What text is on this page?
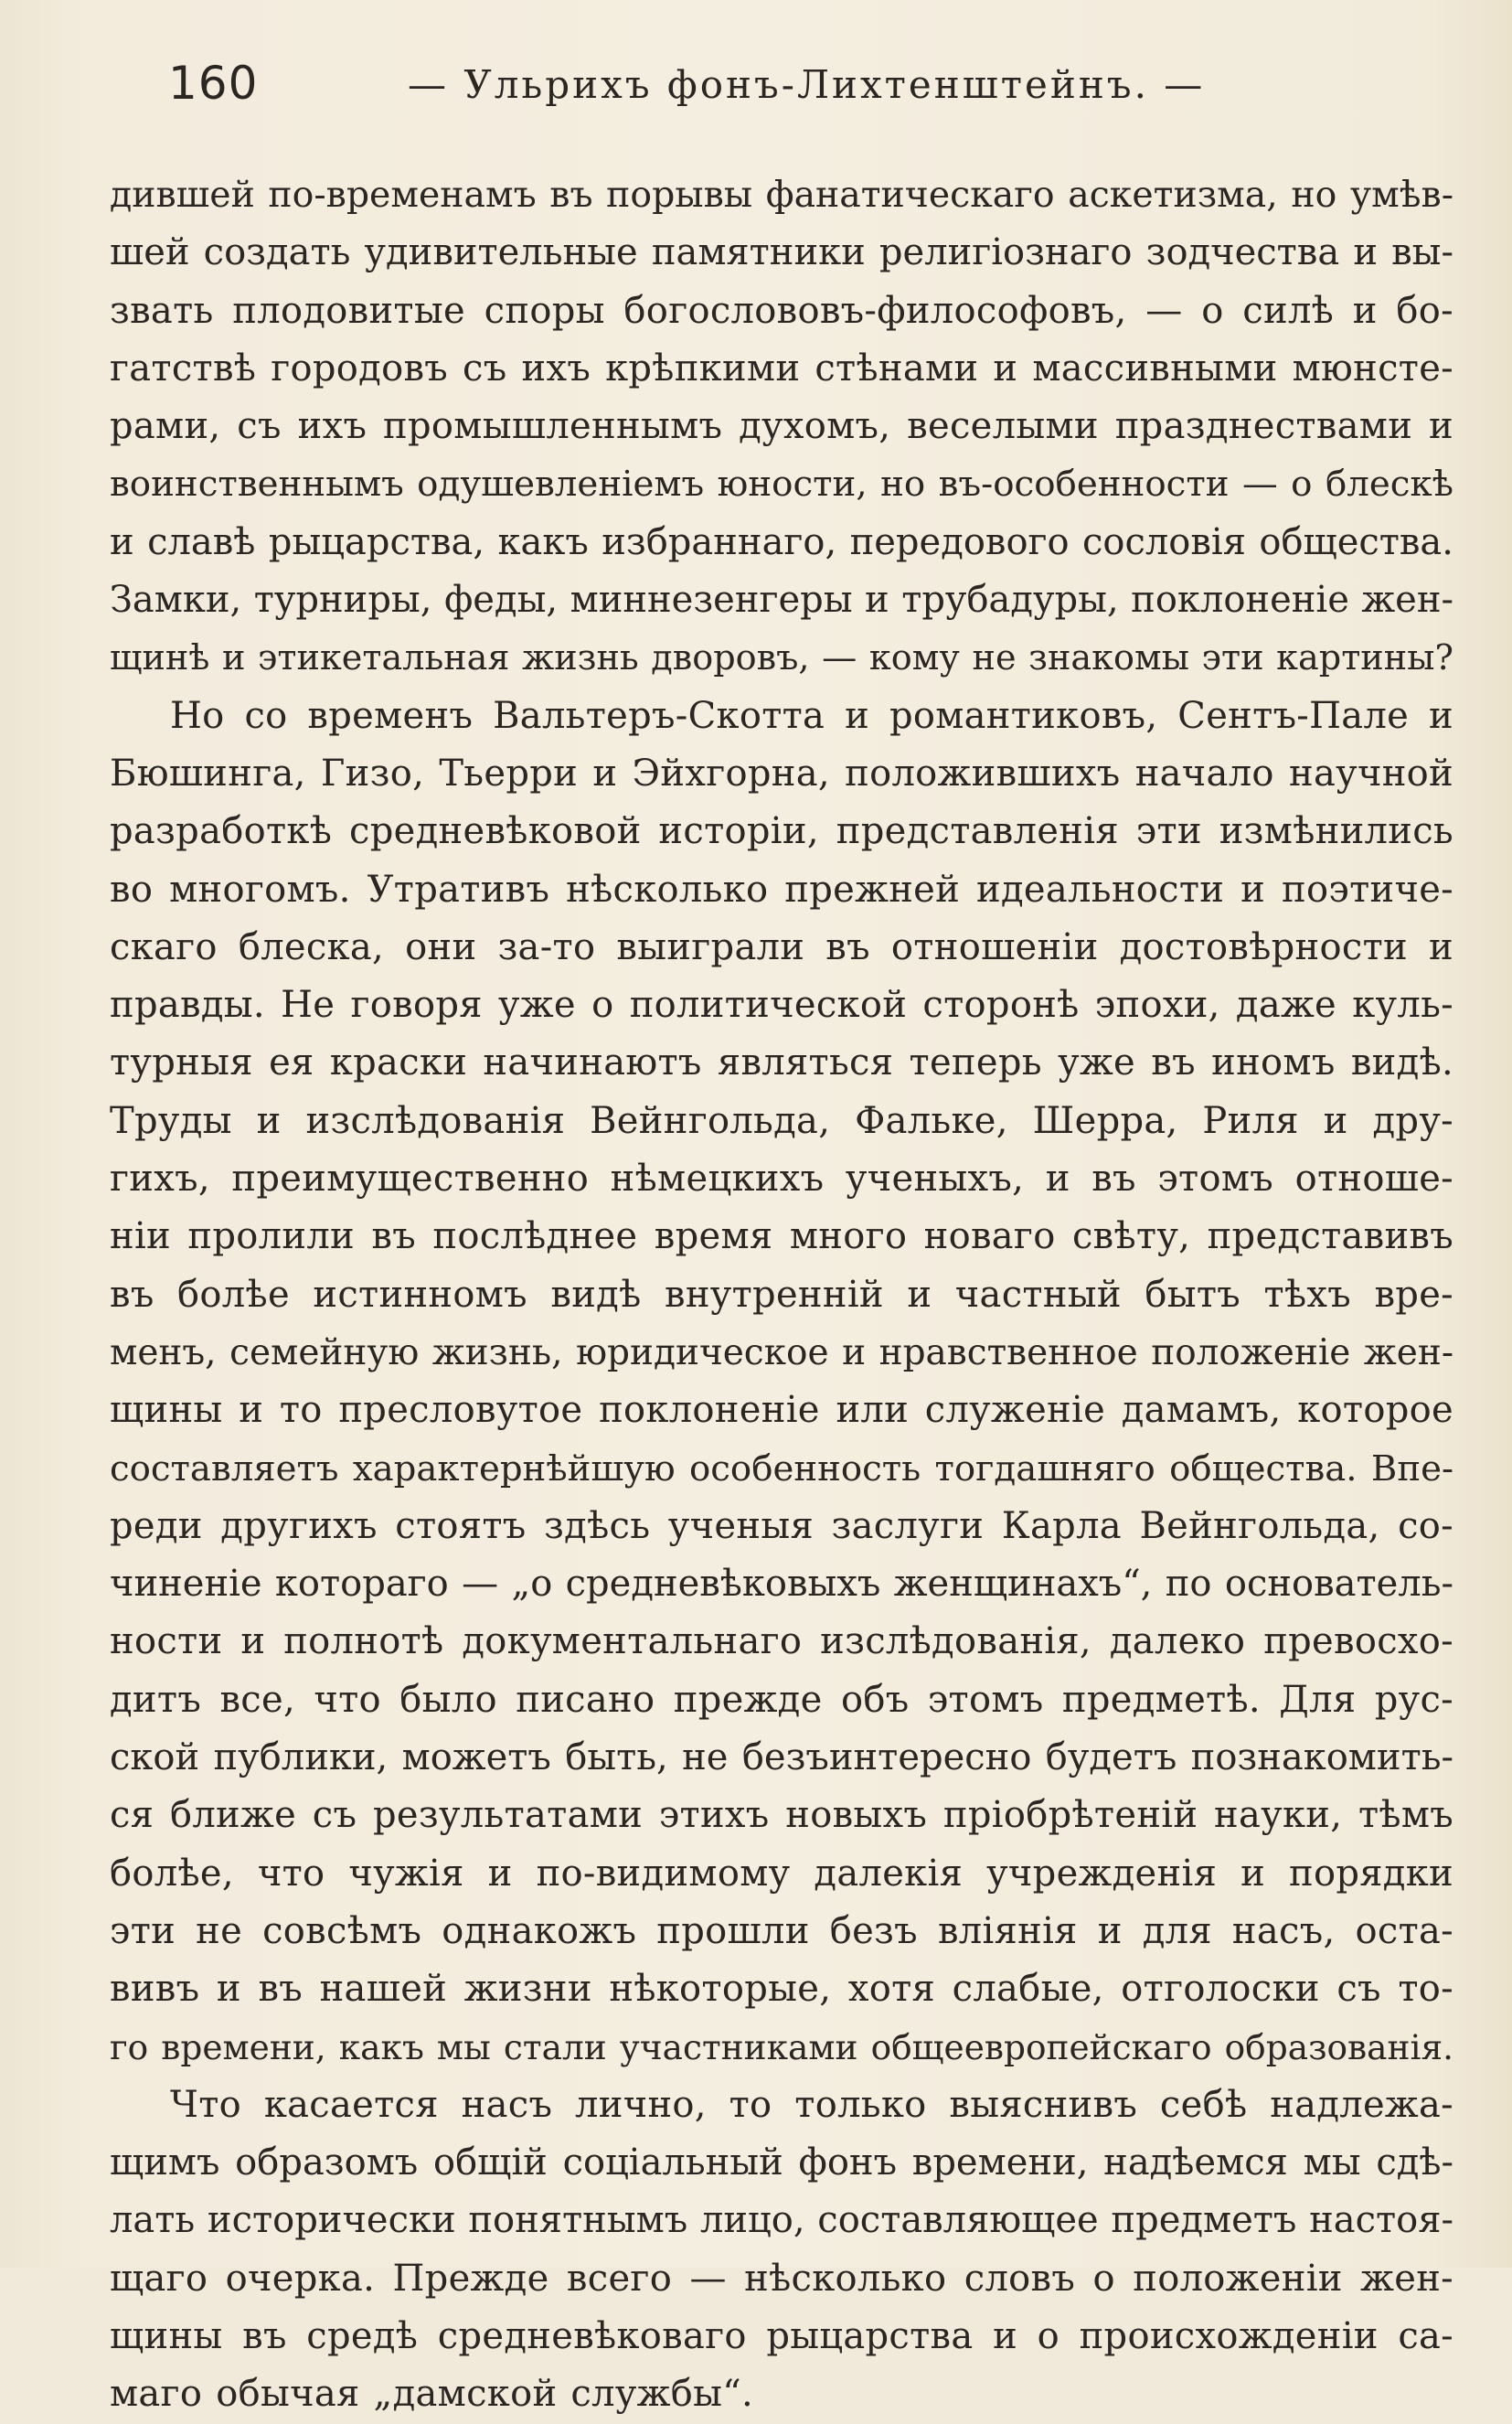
160	— Ульрихъ фонъ-Лихтенштейнъ. —
дившей по-временамъ въ порывы фанатическаго аскетизма, но умѣв-
шей создать удивительные памятники религіознаго зодчества и вы-
звать плодовитые споры богослововъ-философовъ, — о силѣ и бо-
гатствѣ городовъ съ ихъ крѣпкими стѣнами и массивными мюнсте-
рами, съ ихъ промышленнымъ духомъ, веселыми празднествами и
воинственнымъ одушевленіемъ юности, но въ-особенности — о блескѣ
и славѣ рыцарства, какъ избраннаго, передового сословія общества.
Замки, турниры, феды, миннезенгеры и трубадуры, поклоненіе жен-
щинѣ и этикетальная жизнь дворовъ, — кому не знакомы эти картины?
Но со временъ Вальтеръ-Скотта и романтиковъ, Сентъ-Пале и
Бюшинга, Гизо, Тьерри и Эйхгорна, положившихъ начало научной
разработкѣ средневѣковой исторіи, представленія эти измѣнились
во многомъ. Утративъ нѣсколько прежней идеальности и поэтиче-
скаго блеска, они за-то выиграли въ отношеніи достовѣрности и
правды. Не говоря уже о политической сторонѣ эпохи, даже куль-
турныя ея краски начинаютъ являться теперь уже въ иномъ видѣ.
Труды и изслѣдованія Вейнгольда, Фальке, Шерра, Риля и дру-
гихъ, преимущественно нѣмецкихъ ученыхъ, и въ этомъ отноше-
ніи пролили въ послѣднее время много новаго свѣту, представивъ
въ болѣе истинномъ видѣ внутренній и частный бытъ тѣхъ вре-
менъ, семейную жизнь, юридическое и нравственное положеніе жен-
щины и то пресловутое поклоненіе или служеніе дамамъ, которое
составляетъ характернѣйшую особенность тогдашняго общества. Впе-
реди другихъ стоятъ здѣсь ученыя заслуги Карла Вейнгольда, со-
чиненіе котораго — „о средневѣковыхъ женщинахъ“, по основатель-
ности и полнотѣ документальнаго изслѣдованія, далеко превосхо-
дитъ все, что было писано прежде объ этомъ предметѣ. Для рус-
ской публики, можетъ быть, не безъинтересно будетъ познакомить-
ся ближе съ результатами этихъ новыхъ пріобрѣтеній науки, тѣмъ
болѣе, что чужія и по-видимому далекія учрежденія и порядки
эти не совсѣмъ однакожъ прошли безъ вліянія и для насъ, оста-
вивъ и въ нашей жизни нѣкоторые, хотя слабые, отголоски съ то-
го времени, какъ мы стали участниками общеевропейскаго образованія.
Что касается насъ лично, то только выяснивъ себѣ надлежа-
щимъ образомъ общій соціальный фонъ времени, надѣемся мы сдѣ-
лать исторически понятнымъ лицо, составляющее предметъ настоя-
щаго очерка. Прежде всего — нѣсколько словъ о положеніи жен-
щины въ средѣ средневѣковаго рыцарства и о происхожденіи са-
маго обычая „дамской службы“.
